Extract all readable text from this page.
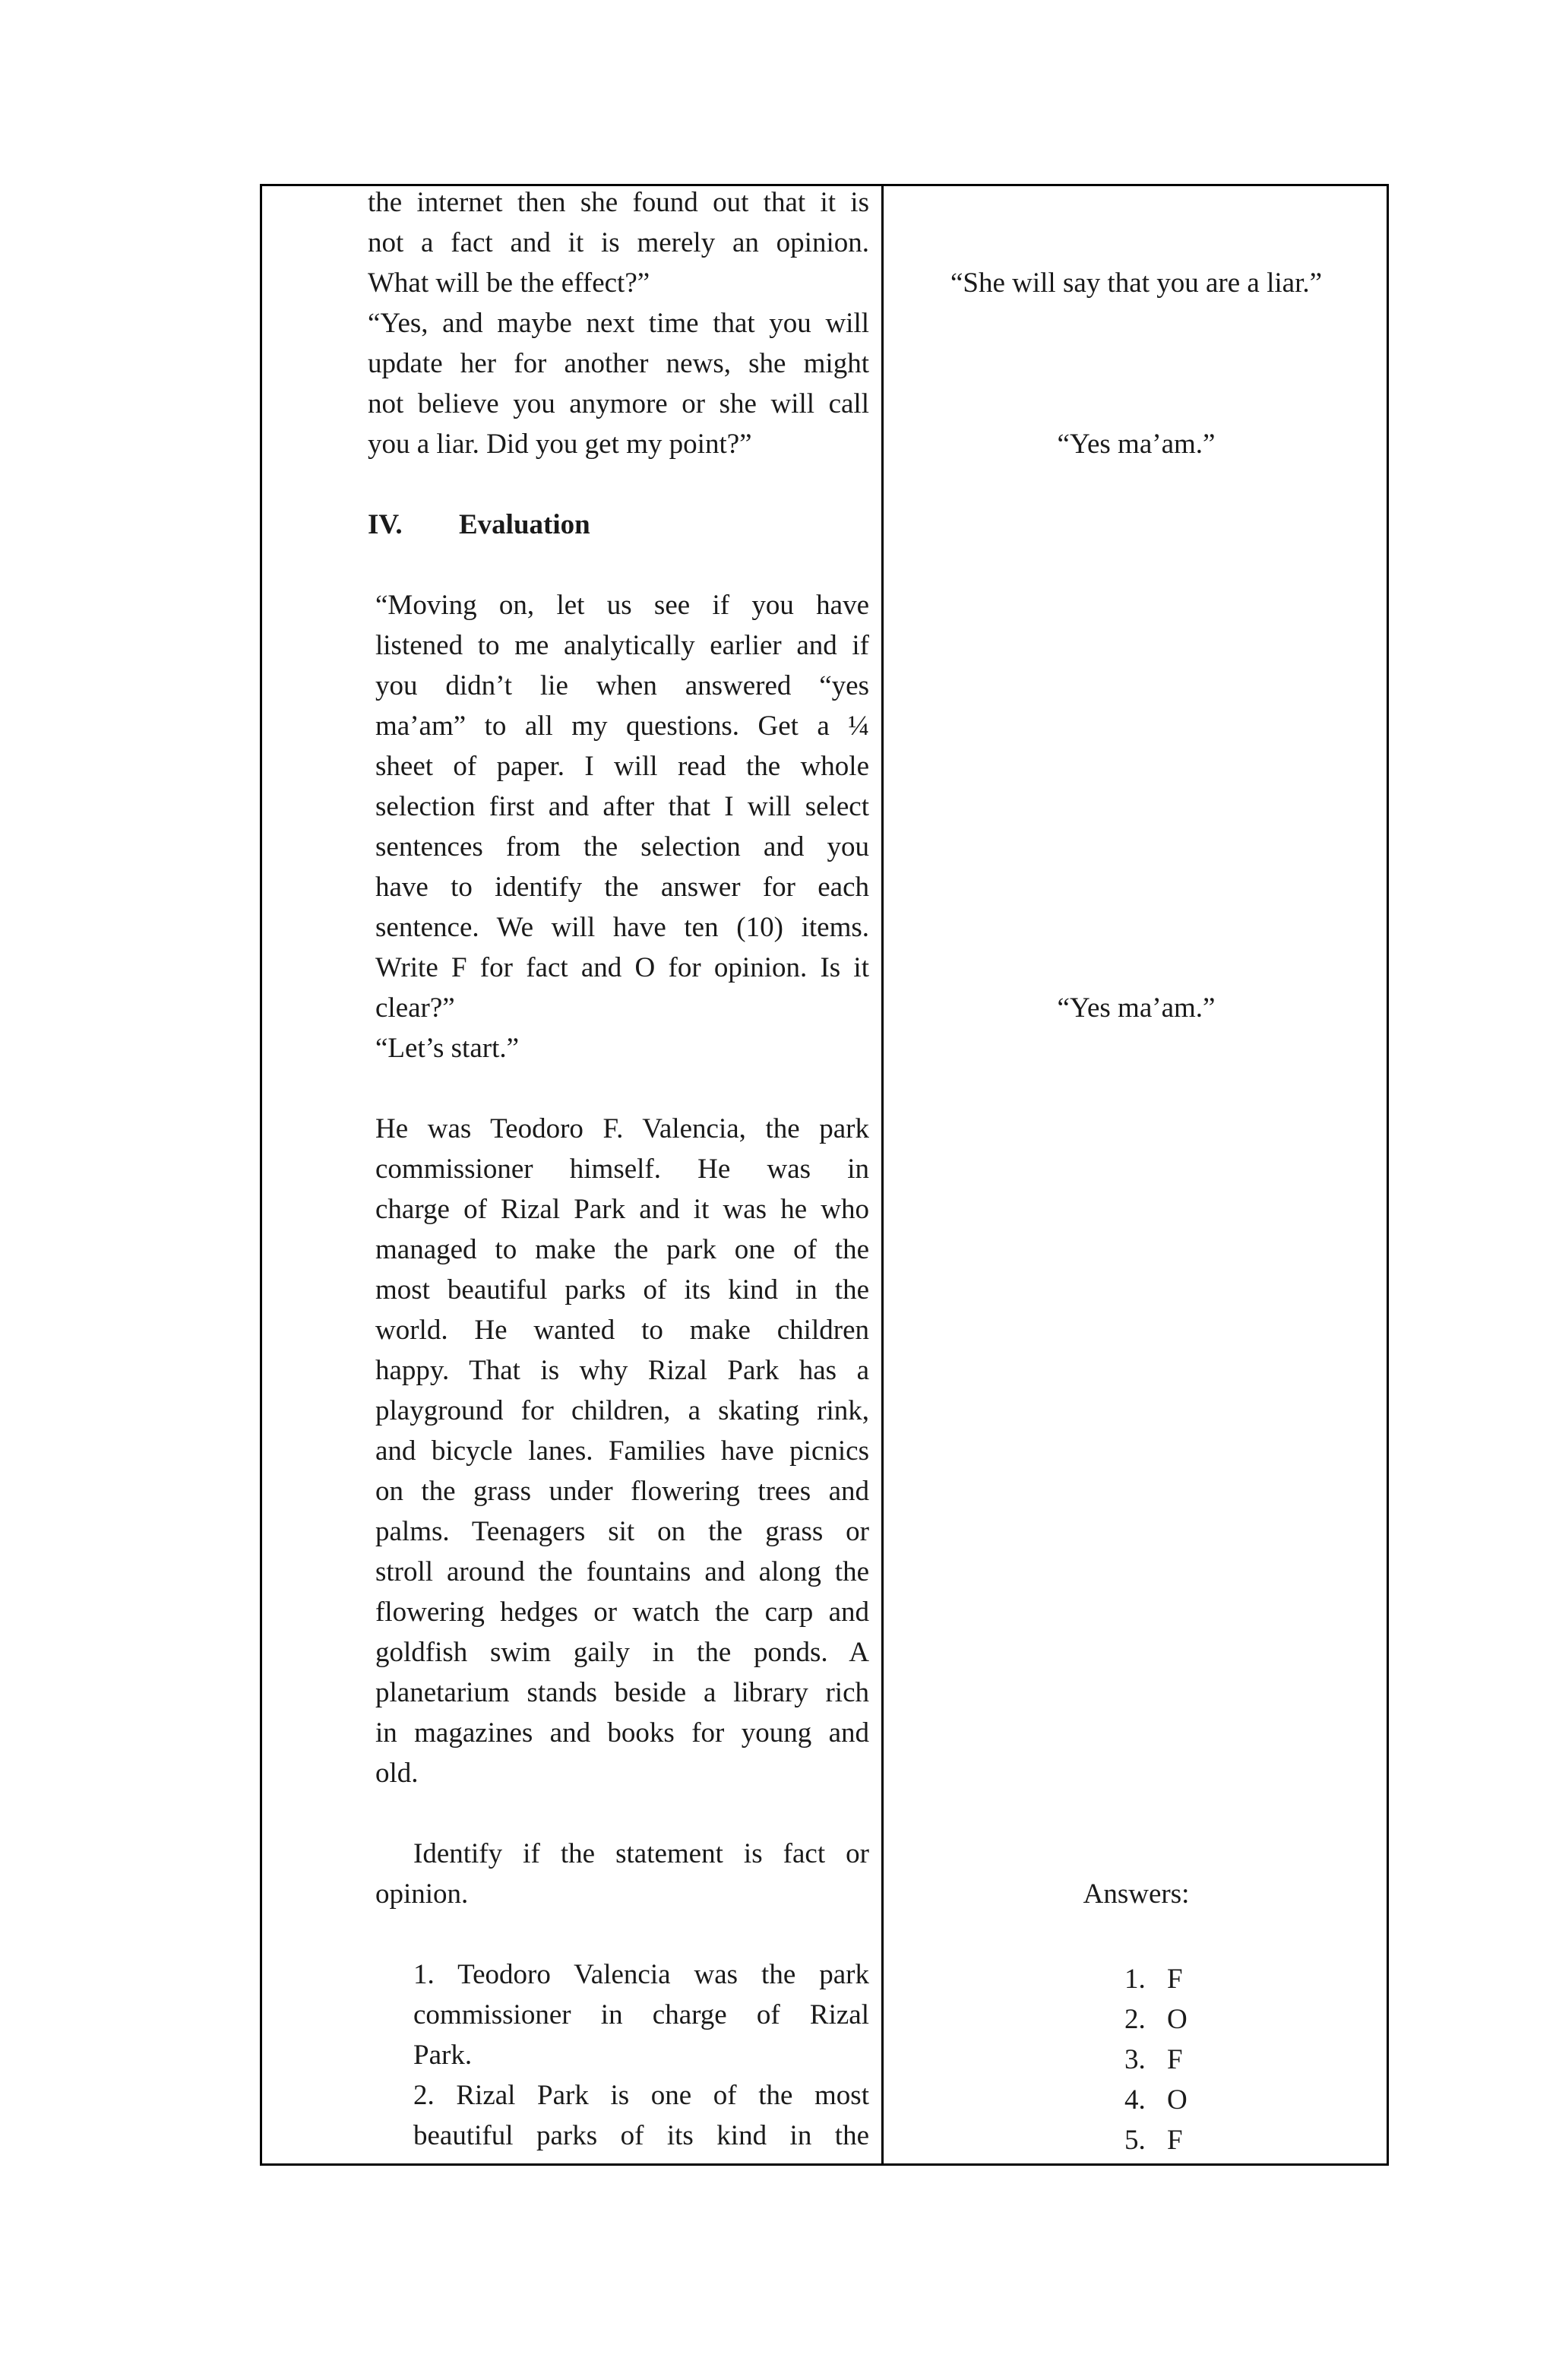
the internet then she found out that it is
not a fact and it is merely an opinion.
What will be the effect?”
“Yes, and maybe next time that you will
update her for another news, she might
not believe you anymore or she will call
you a liar. Did you get my point?”
IV. Evaluation
“Moving on, let us see if you have
listened to me analytically earlier and if
you didn’t lie when answered “yes
ma’am” to all my questions. Get a ¼
sheet of paper. I will read the whole
selection first and after that I will select
sentences from the selection and you
have to identify the answer for each
sentence. We will have ten (10) items.
Write F for fact and O for opinion. Is it
clear?”
“Let’s start.”
He was Teodoro F. Valencia, the park
commissioner himself. He was in
charge of Rizal Park and it was he who
managed to make the park one of the
most beautiful parks of its kind in the
world. He wanted to make children
happy. That is why Rizal Park has a
playground for children, a skating rink,
and bicycle lanes. Families have picnics
on the grass under flowering trees and
palms. Teenagers sit on the grass or
stroll around the fountains and along the
flowering hedges or watch the carp and
goldfish swim gaily in the ponds. A
planetarium stands beside a library rich
in magazines and books for young and
old.
Identify if the statement is fact or
opinion.
1. Teodoro Valencia was the park
commissioner in charge of Rizal
Park.
2. Rizal Park is one of the most
beautiful parks of its kind in the
“She will say that you are a liar.”
“Yes ma’am.”
“Yes ma’am.”
Answers:
1. F
2. O
3. F
4. O
5. F
